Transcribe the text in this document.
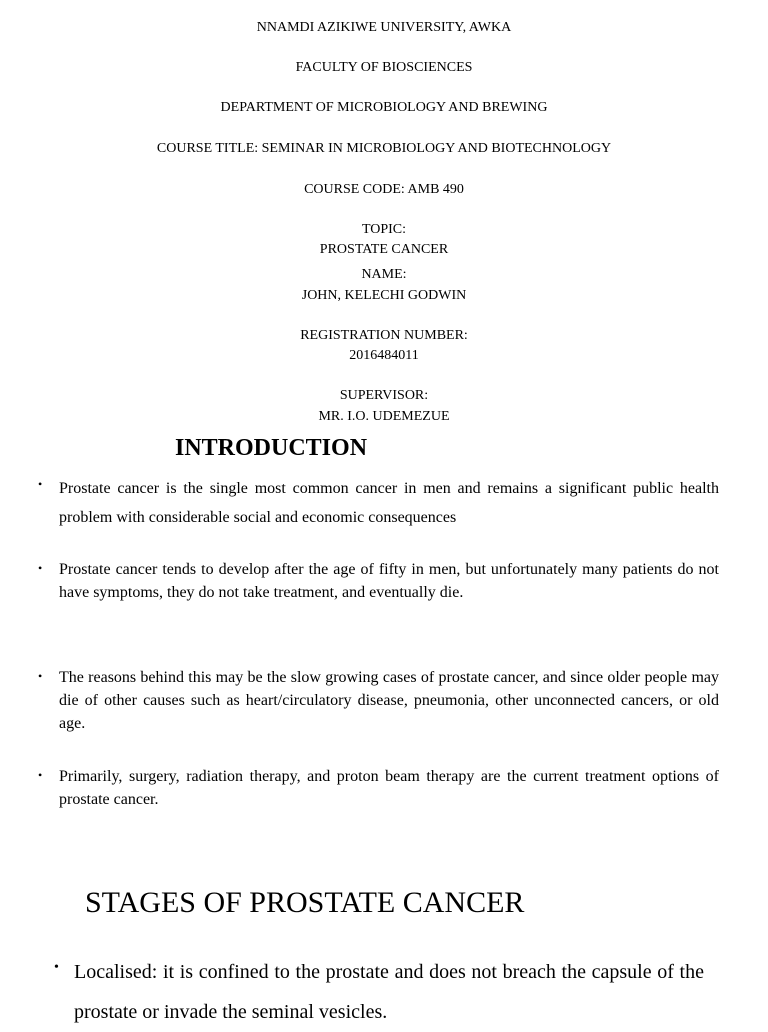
NNAMDI AZIKIWE UNIVERSITY, AWKA
FACULTY OF BIOSCIENCES
DEPARTMENT OF MICROBIOLOGY AND BREWING
COURSE TITLE: SEMINAR IN MICROBIOLOGY AND BIOTECHNOLOGY
COURSE CODE: AMB 490
TOPIC:
PROSTATE CANCER
NAME:
JOHN, KELECHI GODWIN
REGISTRATION NUMBER:
2016484011
SUPERVISOR:
MR. I.O. UDEMEZUE
INTRODUCTION
• Prostate cancer is the single most common cancer in men and remains a significant public health problem with considerable social and economic consequences
• Prostate cancer tends to develop after the age of fifty in men, but unfortunately many patients do not have symptoms, they do not take treatment, and eventually die.
• The reasons behind this may be the slow growing cases of prostate cancer, and since older people may die of other causes such as heart/circulatory disease, pneumonia, other unconnected cancers, or old age.
• Primarily, surgery, radiation therapy, and proton beam therapy are the current treatment options of prostate cancer.
STAGES OF PROSTATE CANCER
• Localised: it is confined to the prostate and does not breach the capsule of the prostate or invade the seminal vesicles.
